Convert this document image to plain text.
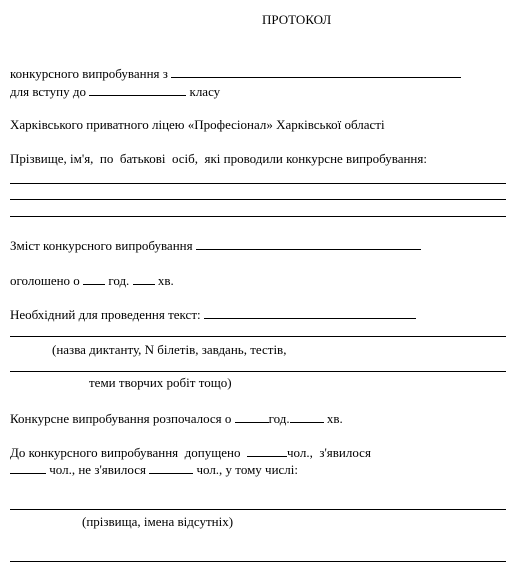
ПРОТОКОЛ
конкурсного випробування з
для вступу до	класу
Харківського приватного ліцею «Професіонал» Харківської області
Прізвище, ім'я,  по  батькові  осіб,  які проводили конкурсне випробування:
Зміст конкурсного випробування
оголошено о год. хв.
Необхідний для проведення текст:
(назва диктанту, N білетів, завдань, тестів,
теми творчих робіт тощо)
Конкурсне випробування розпочалося о	год.	хв.
До конкурсного випробування  допущено	чол.,  з'явилося
чол., не з'явилося	чол., у тому числі:
(прізвища, імена відсутніх)
